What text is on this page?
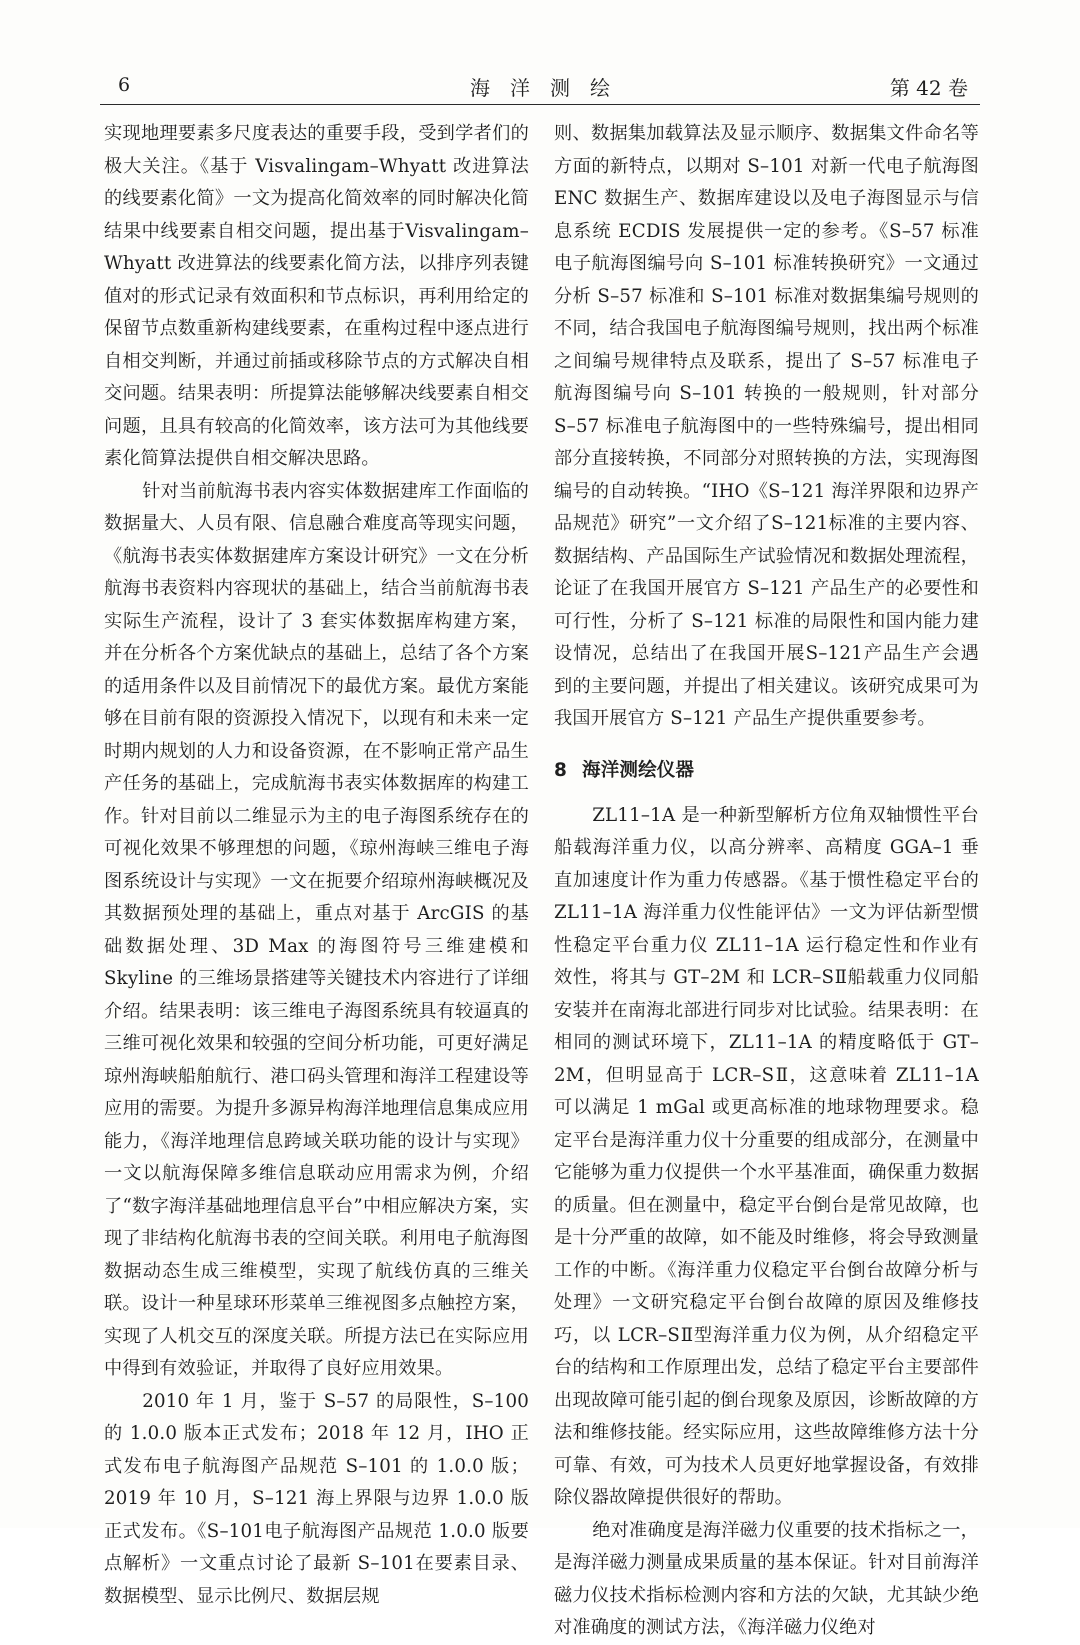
6	海洋测绘	第 42 卷

实现地理要素多尺度表达的重要手段，受到学者们的极大关注。《基于 Visvalingam–Whyatt 改进算法的线要素化简》一文为提高化简效率的同时解决化简结果中线要素自相交问题，提出基于Visvalingam–Whyatt 改进算法的线要素化简方法，以排序列表键值对的形式记录有效面积和节点标识，再利用给定的保留节点数重新构建线要素，在重构过程中逐点进行自相交判断，并通过前插或移除节点的方式解决自相交问题。结果表明：所提算法能够解决线要素自相交问题，且具有较高的化简效率，该方法可为其他线要素化简算法提供自相交解决思路。

针对当前航海书表内容实体数据建库工作面临的数据量大、人员有限、信息融合难度高等现实问题，《航海书表实体数据建库方案设计研究》一文在分析航海书表资料内容现状的基础上，结合当前航海书表实际生产流程，设计了 3 套实体数据库构建方案，并在分析各个方案优缺点的基础上，总结了各个方案的适用条件以及目前情况下的最优方案。最优方案能够在目前有限的资源投入情况下，以现有和未来一定时期内规划的人力和设备资源，在不影响正常产品生产任务的基础上，完成航海书表实体数据库的构建工作。针对目前以二维显示为主的电子海图系统存在的可视化效果不够理想的问题，《琼州海峡三维电子海图系统设计与实现》一文在扼要介绍琼州海峡概况及其数据预处理的基础上，重点对基于 ArcGIS 的基础数据处理、3D Max 的海图符号三维建模和 Skyline 的三维场景搭建等关键技术内容进行了详细介绍。结果表明：该三维电子海图系统具有较逼真的三维可视化效果和较强的空间分析功能，可更好满足琼州海峡船舶航行、港口码头管理和海洋工程建设等应用的需要。为提升多源异构海洋地理信息集成应用能力，《海洋地理信息跨域关联功能的设计与实现》一文以航海保障多维信息联动应用需求为例，介绍了“数字海洋基础地理信息平台”中相应解决方案，实现了非结构化航海书表的空间关联。利用电子航海图数据动态生成三维模型，实现了航线仿真的三维关联。设计一种星球环形菜单三维视图多点触控方案，实现了人机交互的深度关联。所提方法已在实际应用中得到有效验证，并取得了良好应用效果。

2010 年 1 月，鉴于 S–57 的局限性，S–100 的 1.0.0 版本正式发布；2018 年 12 月，IHO 正式发布电子航海图产品规范 S–101 的 1.0.0 版；2019 年 10 月，S–121 海上界限与边界 1.0.0 版正式发布。《S–101电子航海图产品规范 1.0.0 版要点解析》一文重点讨论了最新 S–101在要素目录、数据模型、显示比例尺、数据层规

则、数据集加载算法及显示顺序、数据集文件命名等方面的新特点，以期对 S–101 对新一代电子航海图 ENC 数据生产、数据库建设以及电子海图显示与信息系统 ECDIS 发展提供一定的参考。《S–57 标准电子航海图编号向 S–101 标准转换研究》一文通过分析 S–57 标准和 S–101 标准对数据集编号规则的不同，结合我国电子航海图编号规则，找出两个标准之间编号规律特点及联系，提出了 S–57 标准电子航海图编号向 S–101 转换的一般规则，针对部分 S–57 标准电子航海图中的一些特殊编号，提出相同部分直接转换，不同部分对照转换的方法，实现海图编号的自动转换。“IHO《S–121 海洋界限和边界产品规范》研究”一文介绍了S–121标准的主要内容、数据结构、产品国际生产试验情况和数据处理流程，论证了在我国开展官方 S–121 产品生产的必要性和可行性，分析了 S–121 标准的局限性和国内能力建设情况，总结出了在我国开展S–121产品生产会遇到的主要问题，并提出了相关建议。该研究成果可为我国开展官方 S–121 产品生产提供重要参考。

8 海洋测绘仪器

ZL11–1A 是一种新型解析方位角双轴惯性平台船载海洋重力仪，以高分辨率、高精度 GGA–1 垂直加速度计作为重力传感器。《基于惯性稳定平台的 ZL11–1A 海洋重力仪性能评估》一文为评估新型惯性稳定平台重力仪 ZL11–1A 运行稳定性和作业有效性，将其与 GT–2M 和 LCR–SⅡ船载重力仪同船安装并在南海北部进行同步对比试验。结果表明：在相同的测试环境下，ZL11–1A 的精度略低于 GT–2M，但明显高于 LCR–SⅡ，这意味着 ZL11–1A 可以满足 1 mGal 或更高标准的地球物理要求。稳定平台是海洋重力仪十分重要的组成部分，在测量中它能够为重力仪提供一个水平基准面，确保重力数据的质量。但在测量中，稳定平台倒台是常见故障，也是十分严重的故障，如不能及时维修，将会导致测量工作的中断。《海洋重力仪稳定平台倒台故障分析与处理》一文研究稳定平台倒台故障的原因及维修技巧，以 LCR–SⅡ型海洋重力仪为例，从介绍稳定平台的结构和工作原理出发，总结了稳定平台主要部件出现故障可能引起的倒台现象及原因，诊断故障的方法和维修技能。经实际应用，这些故障维修方法十分可靠、有效，可为技术人员更好地掌握设备，有效排除仪器故障提供很好的帮助。

绝对准确度是海洋磁力仪重要的技术指标之一，是海洋磁力测量成果质量的基本保证。针对目前海洋磁力仪技术指标检测内容和方法的欠缺，尤其缺少绝对准确度的测试方法，《海洋磁力仪绝对
